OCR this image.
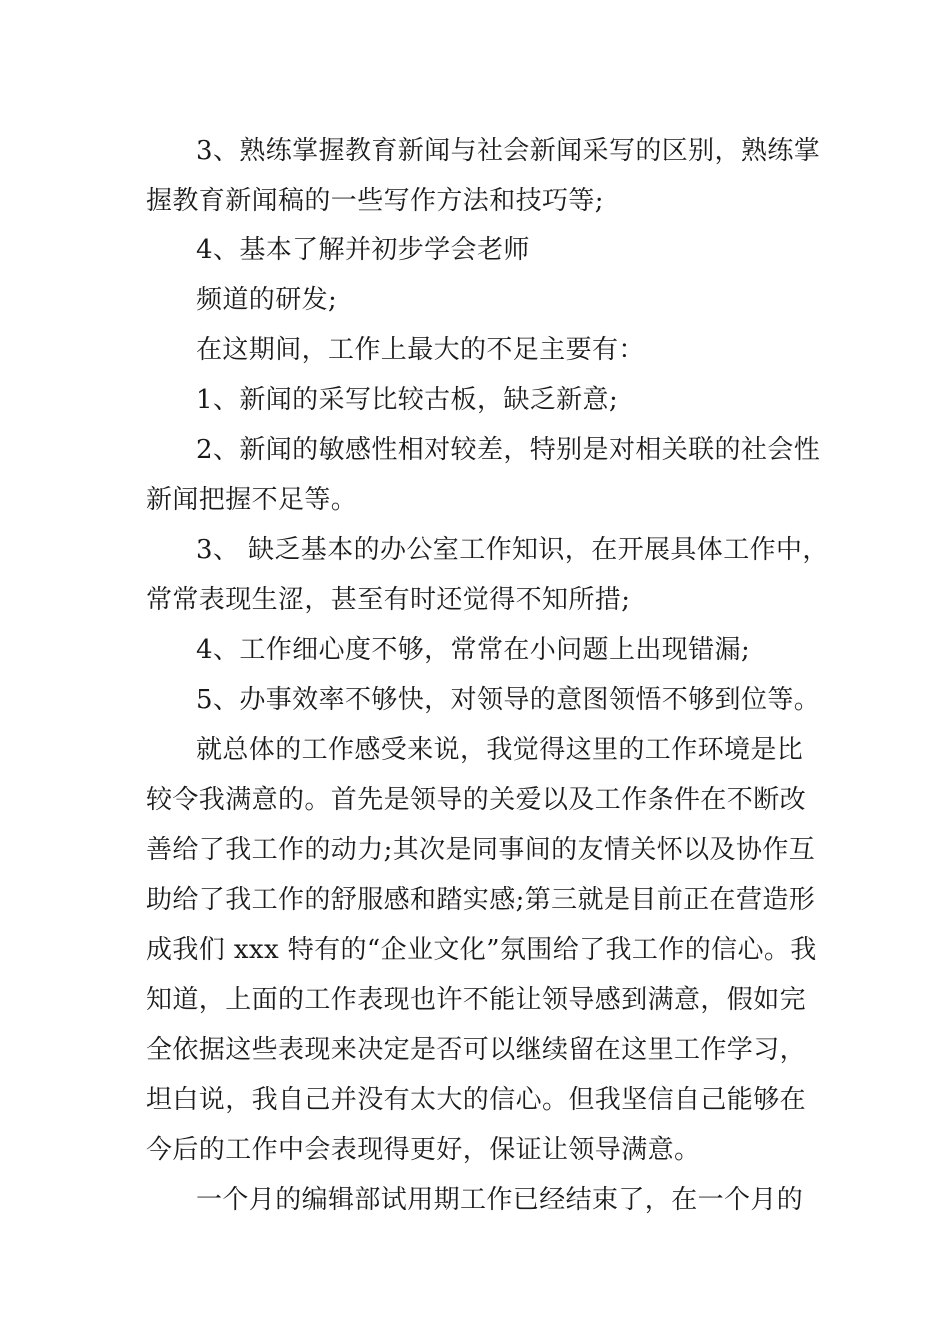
3、熟练掌握教育新闻与社会新闻采写的区别，熟练掌
握教育新闻稿的一些写作方法和技巧等;
4、基本了解并初步学会老师
频道的研发;
在这期间，工作上最大的不足主要有：
1、新闻的采写比较古板，缺乏新意;
2、新闻的敏感性相对较差，特别是对相关联的社会性
新闻把握不足等。
3、 缺乏基本的办公室工作知识，在开展具体工作中，
常常表现生涩，甚至有时还觉得不知所措;
4、工作细心度不够，常常在小问题上出现错漏;
5、办事效率不够快，对领导的意图领悟不够到位等。
就总体的工作感受来说，我觉得这里的工作环境是比
较令我满意的。首先是领导的关爱以及工作条件在不断改
善给了我工作的动力;其次是同事间的友情关怀以及协作互
助给了我工作的舒服感和踏实感;第三就是目前正在营造形
成我们 xxx 特有的“企业文化”氛围给了我工作的信心。我
知道，上面的工作表现也许不能让领导感到满意，假如完
全依据这些表现来决定是否可以继续留在这里工作学习，
坦白说，我自己并没有太大的信心。但我坚信自己能够在
今后的工作中会表现得更好，保证让领导满意。
一个月的编辑部试用期工作已经结束了，在一个月的
